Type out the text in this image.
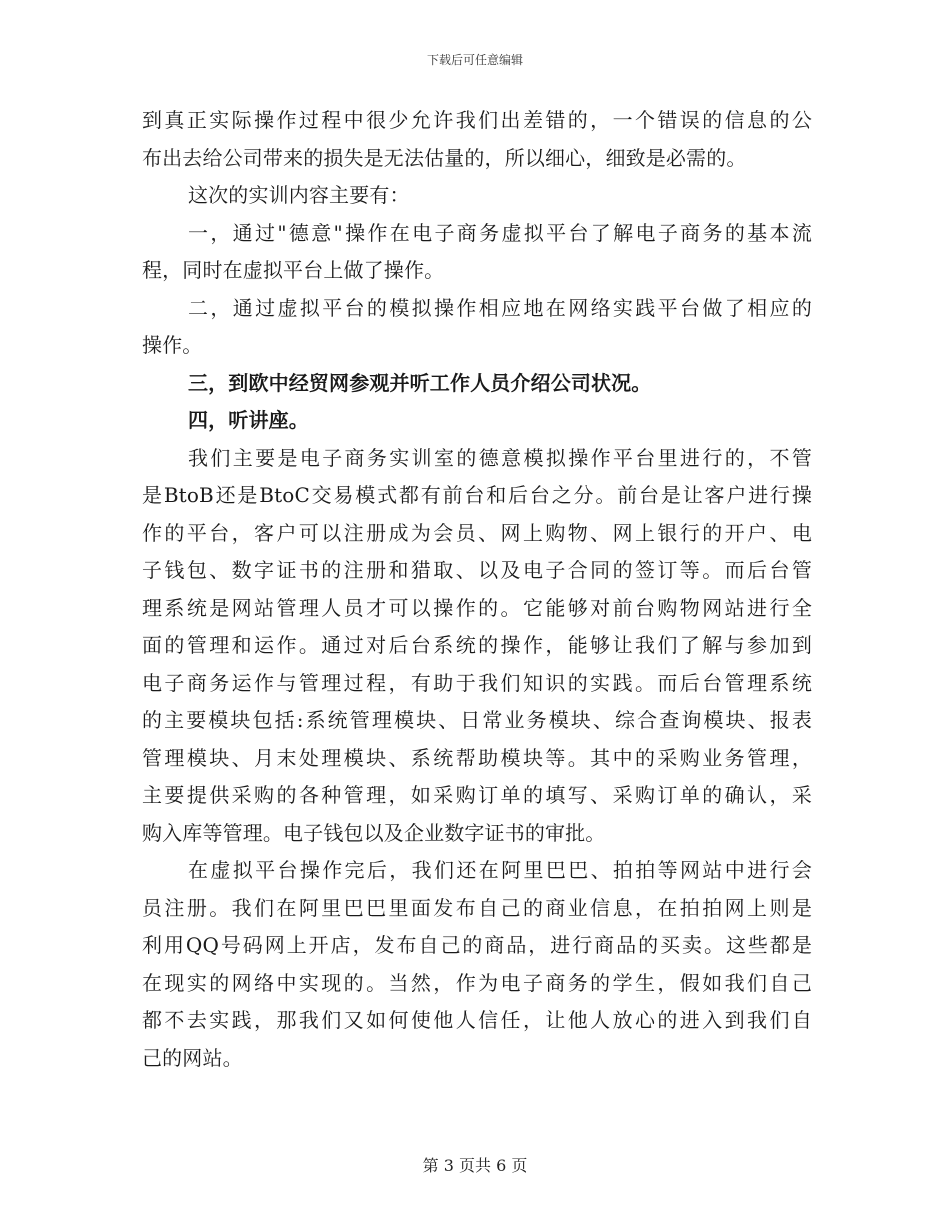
下载后可任意编辑
到真正实际操作过程中很少允许我们出差错的，一个错误的信息的公
布出去给公司带来的损失是无法估量的，所以细心，细致是必需的。
这次的实训内容主要有：
一，通过"德意"操作在电子商务虚拟平台了解电子商务的基本流
程，同时在虚拟平台上做了操作。
二，通过虚拟平台的模拟操作相应地在网络实践平台做了相应的
操作。
三，到欧中经贸网参观并听工作人员介绍公司状况。
四，听讲座。
我们主要是电子商务实训室的德意模拟操作平台里进行的，不管
是BtoB还是BtoC交易模式都有前台和后台之分。前台是让客户进行操
作的平台，客户可以注册成为会员、网上购物、网上银行的开户、电
子钱包、数字证书的注册和猎取、以及电子合同的签订等。而后台管
理系统是网站管理人员才可以操作的。它能够对前台购物网站进行全
面的管理和运作。通过对后台系统的操作，能够让我们了解与参加到
电子商务运作与管理过程，有助于我们知识的实践。而后台管理系统
的主要模块包括:系统管理模块、日常业务模块、综合查询模块、报表
管理模块、月末处理模块、系统帮助模块等。其中的采购业务管理，
主要提供采购的各种管理，如采购订单的填写、采购订单的确认，采
购入库等管理。电子钱包以及企业数字证书的审批。
在虚拟平台操作完后，我们还在阿里巴巴、拍拍等网站中进行会
员注册。我们在阿里巴巴里面发布自己的商业信息，在拍拍网上则是
利用QQ号码网上开店，发布自己的商品，进行商品的买卖。这些都是
在现实的网络中实现的。当然，作为电子商务的学生，假如我们自己
都不去实践，那我们又如何使他人信任，让他人放心的进入到我们自
己的网站。
第 3 页共 6 页
